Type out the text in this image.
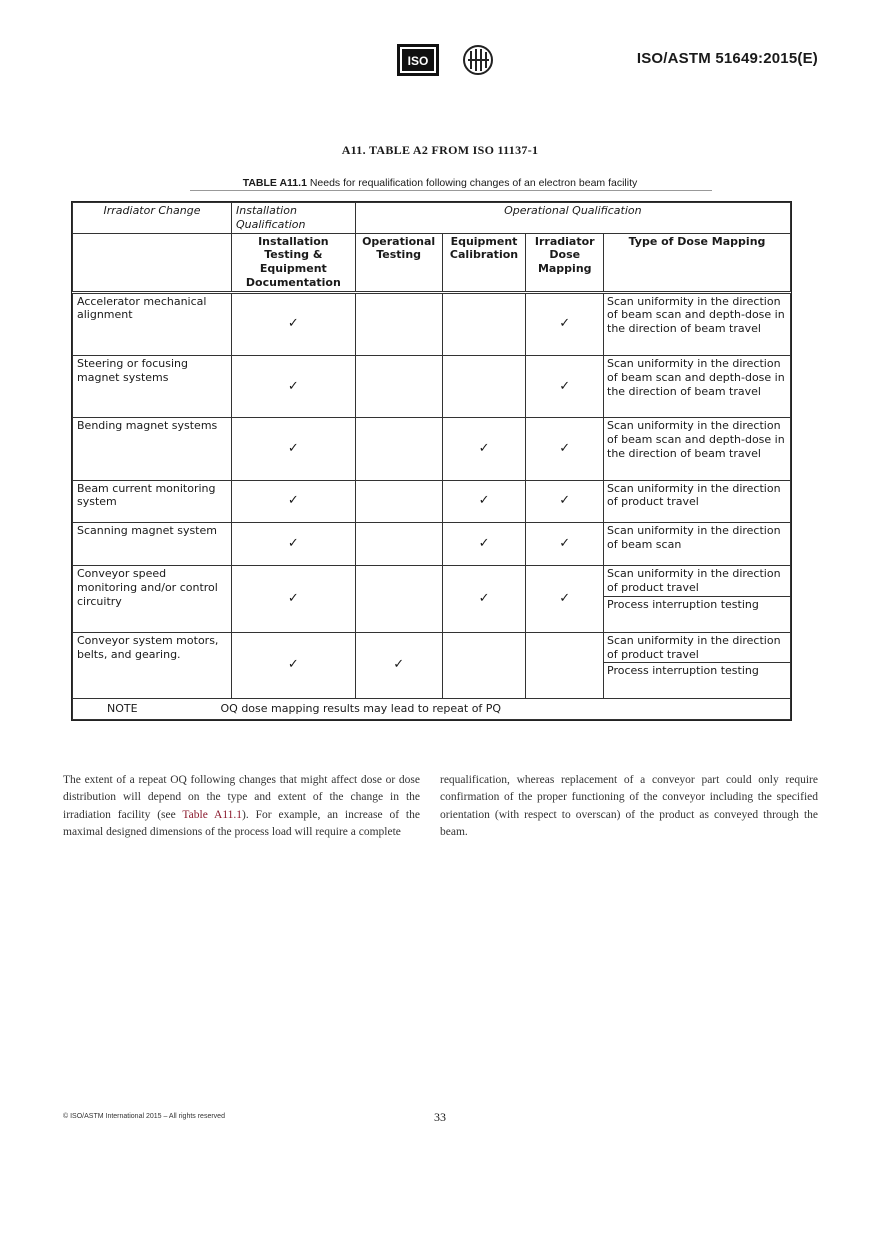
ISO	ISO/ASTM 51649:2015(E)
A11. TABLE A2 FROM ISO 11137-1
TABLE A11.1 Needs for requalification following changes of an electron beam facility
Irradiator Change	Installation Qualification	Operational Qualification			
	Installation Testing & Equipment Documentation	Operational Testing	Equipment Calibration	Irradiator Dose Mapping	Type of Dose Mapping
Accelerator mechanical alignment	✓			✓	Scan uniformity in the direction of beam scan and depth-dose in the direction of beam travel

Steering or focusing magnet systems	✓			✓	Scan uniformity in the direction of beam scan and depth-dose in the direction of beam travel

Bending magnet systems	✓		✓	✓	Scan uniformity in the direction of beam scan and depth-dose in the direction of beam travel

Beam current monitoring system	✓		✓	✓	Scan uniformity in the direction of product travel

Scanning magnet system	✓		✓	✓	Scan uniformity in the direction of beam scan

Conveyor speed monitoring and/or control circuitry	✓		✓	✓	Scan uniformity in the direction of product travel
Process interruption testing

Conveyor system motors, belts, and gearing.	✓	✓			Scan uniformity in the direction of product travel
Process interruption testing

NOTE OQ dose mapping results may lead to repeat of PQ					
The extent of a repeat OQ following changes that might affect dose or dose distribution will depend on the type and extent of the change in the irradiation facility (see Table A11.1). For example, an increase of the maximal designed dimensions of the process load will require a complete
requalification, whereas replacement of a conveyor part could only require confirmation of the proper functioning of the conveyor including the specified orientation (with respect to overscan) of the product as conveyed through the beam.
© ISO/ASTM International 2015 – All rights reserved	33
